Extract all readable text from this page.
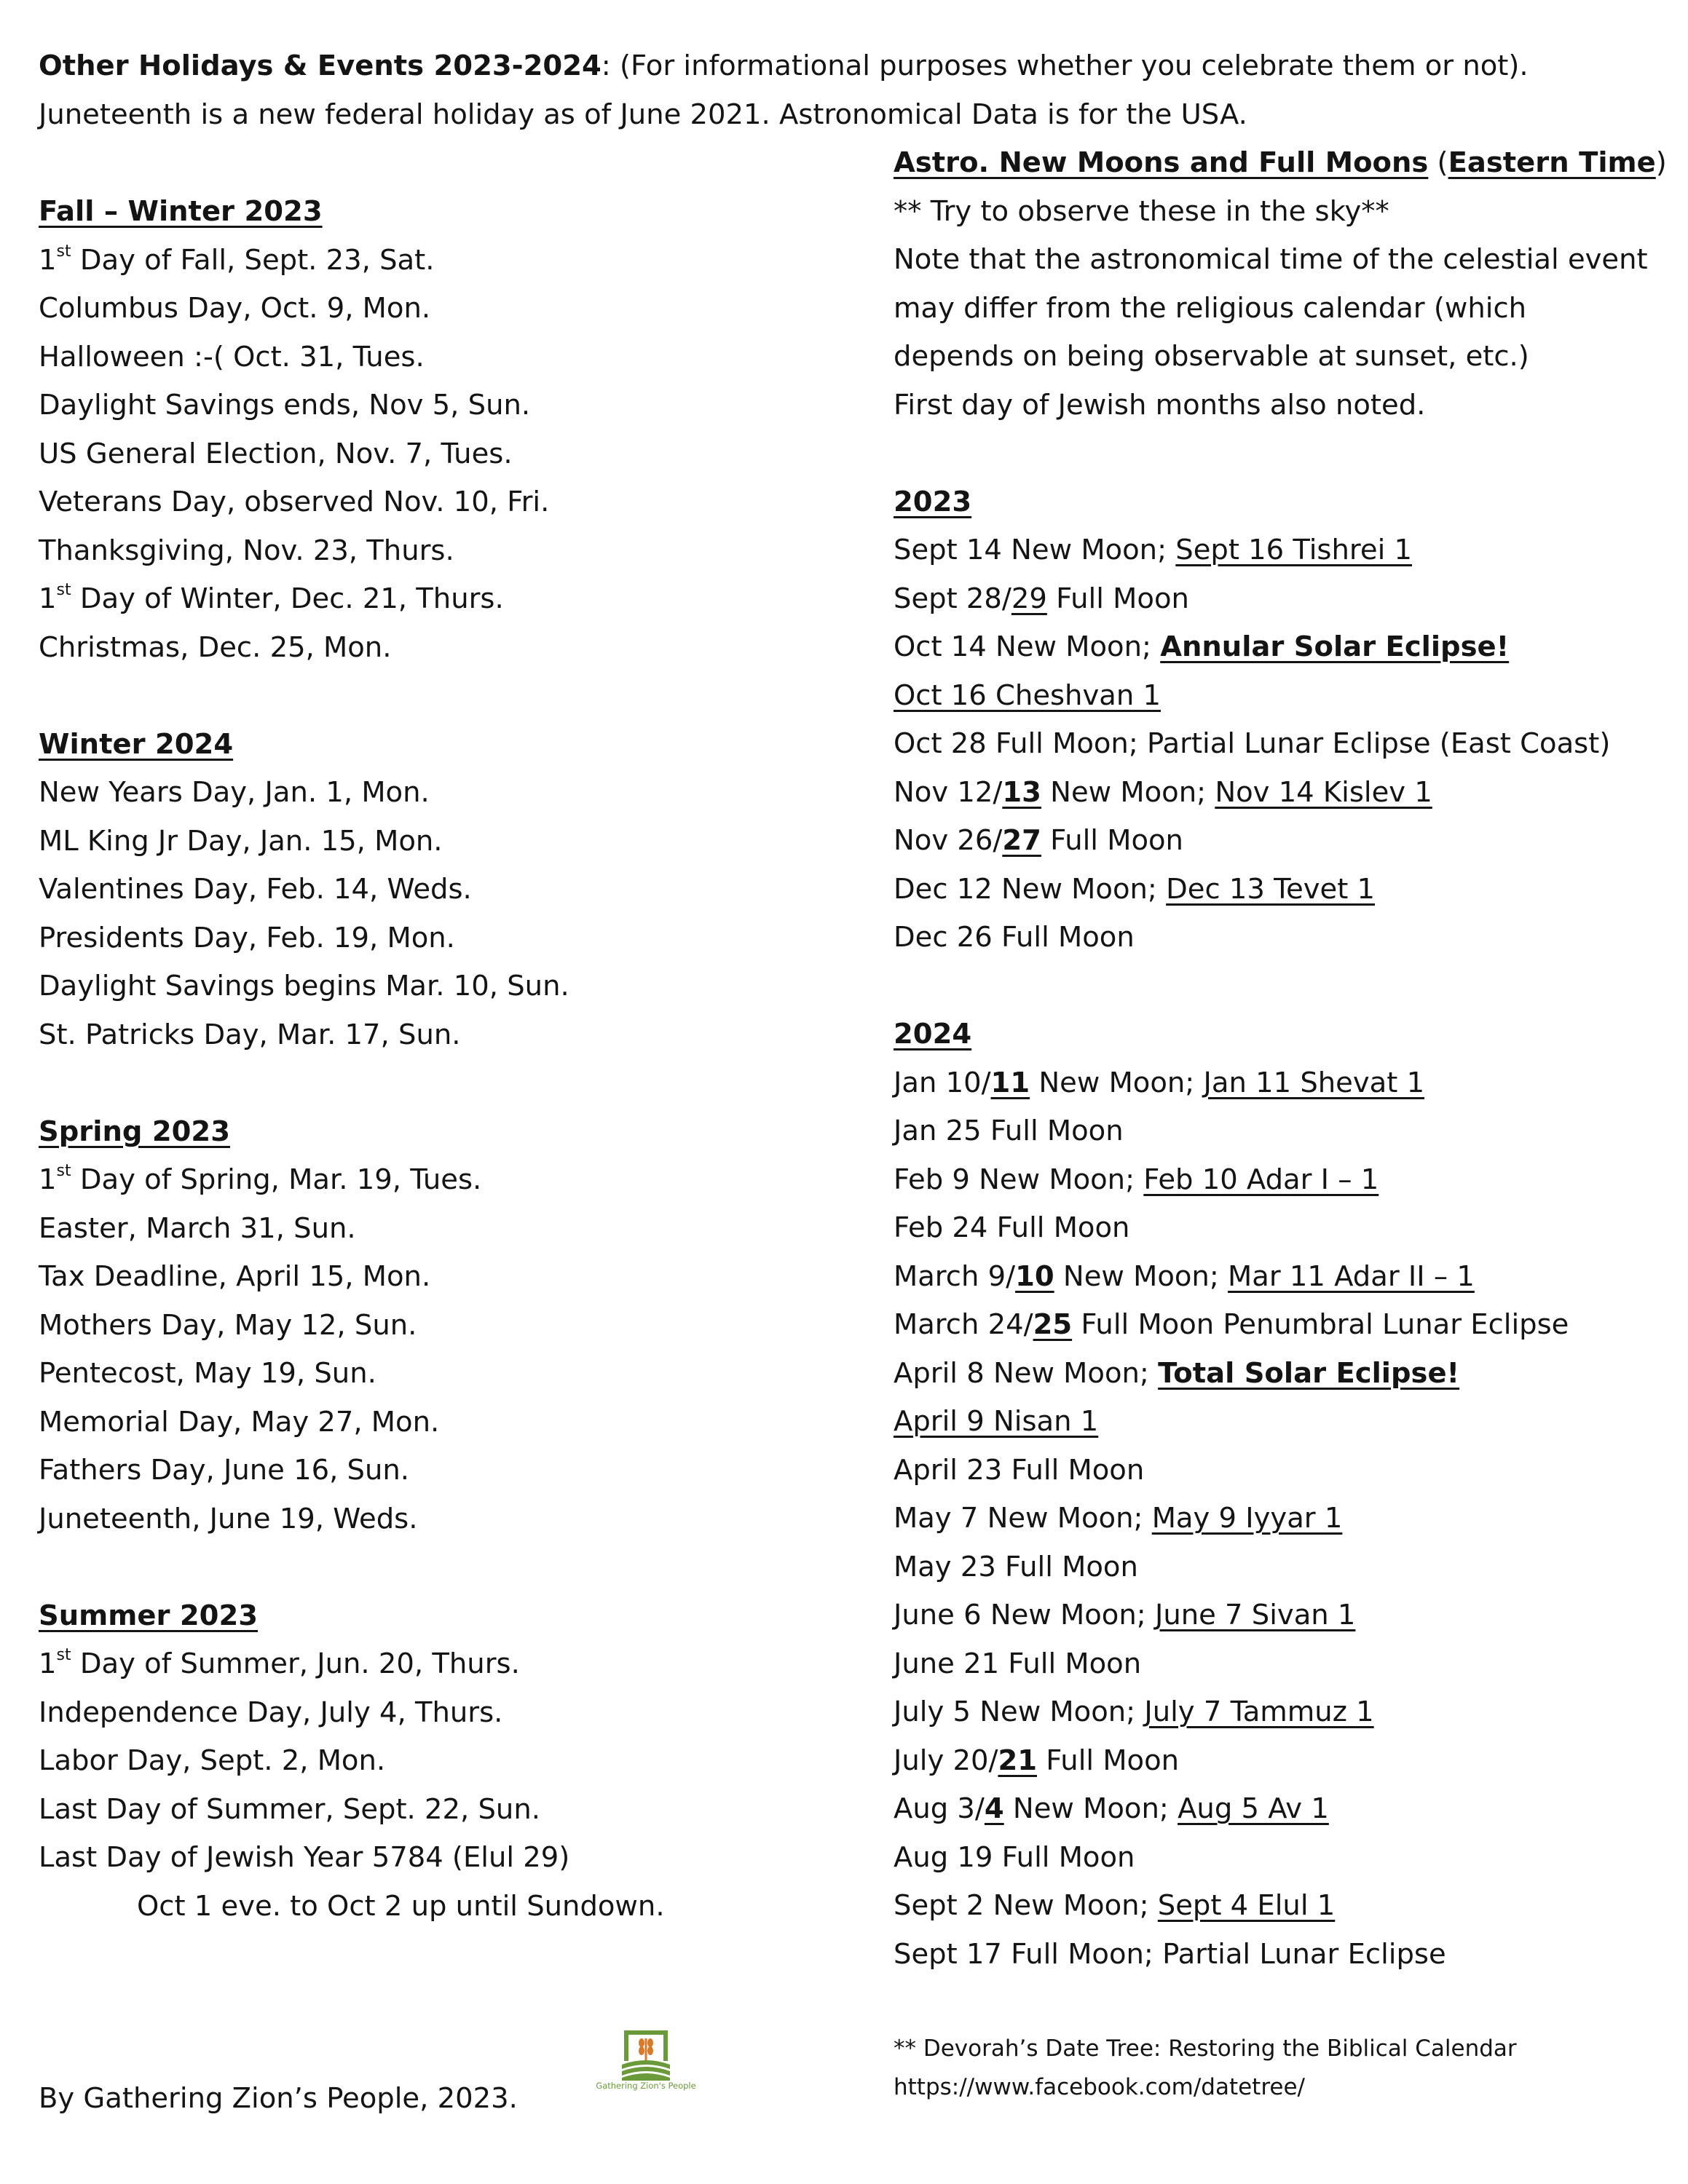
Other Holidays & Events 2023-2024: (For informational purposes whether you celebrate them or not).
Juneteenth is a new federal holiday as of June 2021. Astronomical Data is for the USA.
Fall – Winter 2023
1st Day of Fall, Sept. 23, Sat.
Columbus Day, Oct. 9, Mon.
Halloween :-( Oct. 31, Tues.
Daylight Savings ends, Nov 5, Sun.
US General Election, Nov. 7, Tues.
Veterans Day, observed Nov. 10, Fri.
Thanksgiving, Nov. 23, Thurs.
1st Day of Winter, Dec. 21, Thurs.
Christmas, Dec. 25, Mon.
Winter 2024
New Years Day, Jan. 1, Mon.
ML King Jr Day, Jan. 15, Mon.
Valentines Day, Feb. 14, Weds.
Presidents Day, Feb. 19, Mon.
Daylight Savings begins Mar. 10, Sun.
St. Patricks Day, Mar. 17, Sun.
Spring 2023
1st Day of Spring, Mar. 19, Tues.
Easter, March 31, Sun.
Tax Deadline, April 15, Mon.
Mothers Day, May 12, Sun.
Pentecost, May 19, Sun.
Memorial Day, May 27, Mon.
Fathers Day, June 16, Sun.
Juneteenth, June 19, Weds.
Summer 2023
1st Day of Summer, Jun. 20, Thurs.
Independence Day, July 4, Thurs.
Labor Day, Sept. 2, Mon.
Last Day of Summer, Sept. 22, Sun.
Last Day of Jewish Year 5784 (Elul 29)
Oct 1 eve. to Oct 2 up until Sundown.
Astro. New Moons and Full Moons (Eastern Time)
** Try to observe these in the sky**
Note that the astronomical time of the celestial event
may differ from the religious calendar (which
depends on being observable at sunset, etc.)
First day of Jewish months also noted.
2023
Sept 14 New Moon; Sept 16 Tishrei 1
Sept 28/29 Full Moon
Oct 14 New Moon; Annular Solar Eclipse!
Oct 16 Cheshvan 1
Oct 28 Full Moon; Partial Lunar Eclipse (East Coast)
Nov 12/13 New Moon; Nov 14 Kislev 1
Nov 26/27 Full Moon
Dec 12 New Moon; Dec 13 Tevet 1
Dec 26 Full Moon
2024
Jan 10/11 New Moon; Jan 11 Shevat 1
Jan 25 Full Moon
Feb 9 New Moon; Feb 10 Adar I – 1
Feb 24 Full Moon
March 9/10 New Moon; Mar 11 Adar II – 1
March 24/25 Full Moon Penumbral Lunar Eclipse
April 8 New Moon; Total Solar Eclipse!
April 9 Nisan 1
April 23 Full Moon
May 7 New Moon; May 9 Iyyar 1
May 23 Full Moon
June 6 New Moon; June 7 Sivan 1
June 21 Full Moon
July 5 New Moon; July 7 Tammuz 1
July 20/21 Full Moon
Aug 3/4 New Moon; Aug 5 Av 1
Aug 19 Full Moon
Sept 2 New Moon; Sept 4 Elul 1
Sept 17 Full Moon; Partial Lunar Eclipse
By Gathering Zion’s People, 2023.	Gathering Zion's People
** Devorah’s Date Tree: Restoring the Biblical Calendar
https://www.facebook.com/datetree/
